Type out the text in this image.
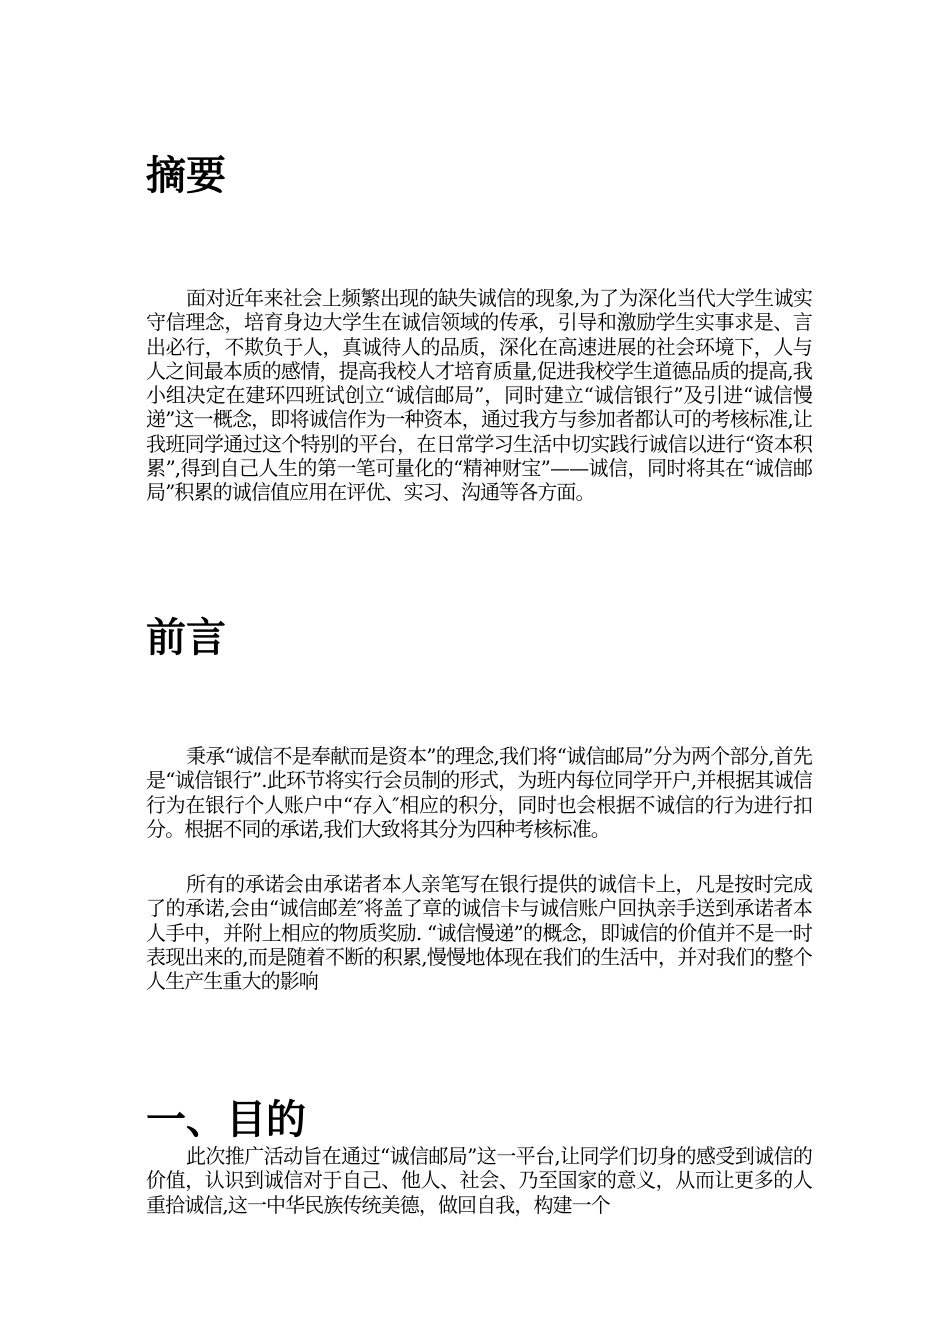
摘要

面对近年来社会上频繁出现的缺失诚信的现象,为了为深化当代大学生诚实守信理念，培育身边大学生在诚信领域的传承，引导和激励学生实事求是、言出必行，不欺负于人，真诚待人的品质，深化在高速进展的社会环境下，人与人之间最本质的感情，提高我校人才培育质量,促进我校学生道德品质的提高,我小组决定在建环四班试创立“诚信邮局”，同时建立“诚信银行”及引进“诚信慢递”这一概念，即将诚信作为一种资本，通过我方与参加者都认可的考核标准,让我班同学通过这个特别的平台，在日常学习生活中切实践行诚信以进行“资本积累”,得到自己人生的第一笔可量化的“精神财宝”——诚信，同时将其在“诚信邮局”积累的诚信值应用在评优、实习、沟通等各方面。

前言

秉承“诚信不是奉献而是资本”的理念,我们将“诚信邮局”分为两个部分,首先是“诚信银行”.此环节将实行会员制的形式，为班内每位同学开户,并根据其诚信行为在银行个人账户中“存入″相应的积分，同时也会根据不诚信的行为进行扣分。根据不同的承诺,我们大致将其分为四种考核标准。

所有的承诺会由承诺者本人亲笔写在银行提供的诚信卡上，凡是按时完成了的承诺,会由“诚信邮差″将盖了章的诚信卡与诚信账户回执亲手送到承诺者本人手中，并附上相应的物质奖励. “诚信慢递”的概念，即诚信的价值并不是一时表现出来的,而是随着不断的积累,慢慢地体现在我们的生活中，并对我们的整个人生产生重大的影响

一、目的

此次推广活动旨在通过“诚信邮局”这一平台,让同学们切身的感受到诚信的价值，认识到诚信对于自己、他人、社会、乃至国家的意义，从而让更多的人重拾诚信,这一中华民族传统美德，做回自我，构建一个
